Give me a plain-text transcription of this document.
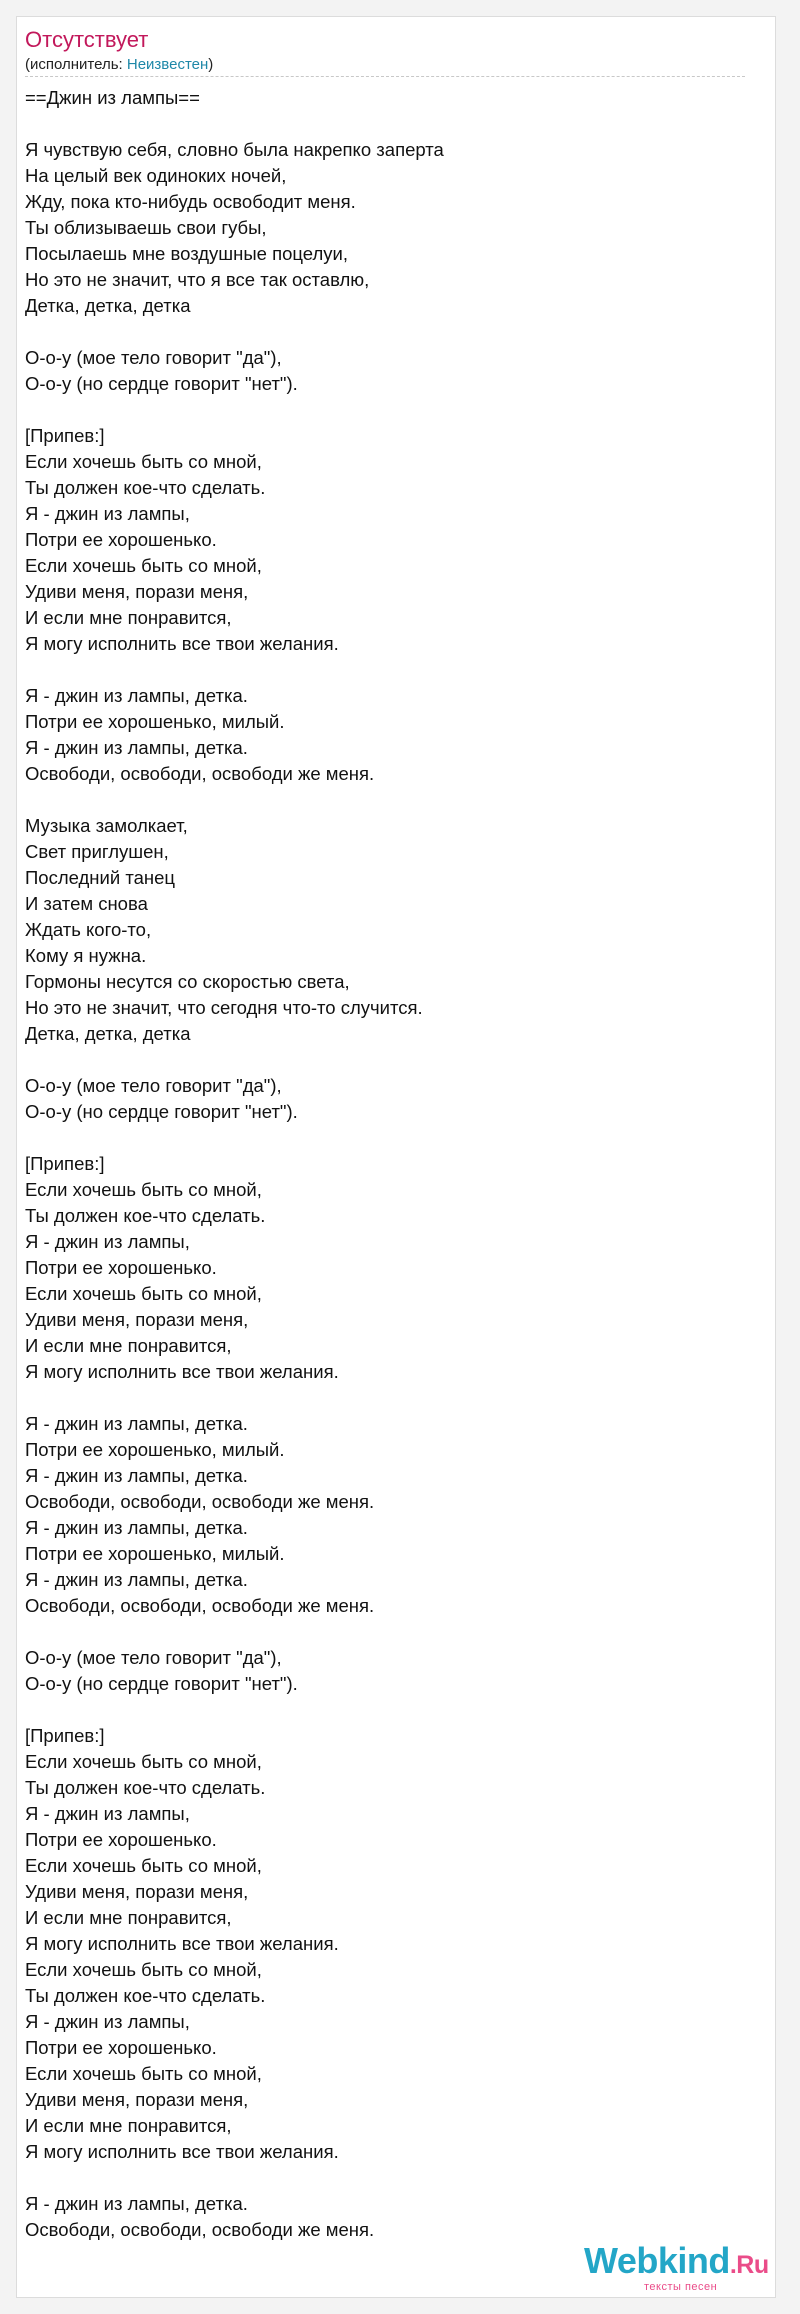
Отсутствует
(исполнитель: Неизвестен)
==Джин из лампы==
Я чувствую себя, словно была накрепко заперта
На целый век одиноких ночей,
Жду, пока кто-нибудь освободит меня.
Ты облизываешь свои губы,
Посылаешь мне воздушные поцелуи,
Но это не значит, что я все так оставлю,
Детка, детка, детка
О-о-у (мое тело говорит "да"),
О-о-у (но сердце говорит "нет").
[Припев:]
Если хочешь быть со мной,
Ты должен кое-что сделать.
Я - джин из лампы,
Потри ее хорошенько.
Если хочешь быть со мной,
Удиви меня, порази меня,
И если мне понравится,
Я могу исполнить все твои желания.
Я - джин из лампы, детка.
Потри ее хорошенько, милый.
Я - джин из лампы, детка.
Освободи, освободи, освободи же меня.
Музыка замолкает,
Свет приглушен,
Последний танец
И затем снова
Ждать кого-то,
Кому я нужна.
Гормоны несутся со скоростью света,
Но это не значит, что сегодня что-то случится.
Детка, детка, детка
О-о-у (мое тело говорит "да"),
О-о-у (но сердце говорит "нет").
[Припев:]
Если хочешь быть со мной,
Ты должен кое-что сделать.
Я - джин из лампы,
Потри ее хорошенько.
Если хочешь быть со мной,
Удиви меня, порази меня,
И если мне понравится,
Я могу исполнить все твои желания.
Я - джин из лампы, детка.
Потри ее хорошенько, милый.
Я - джин из лампы, детка.
Освободи, освободи, освободи же меня.
Я - джин из лампы, детка.
Потри ее хорошенько, милый.
Я - джин из лампы, детка.
Освободи, освободи, освободи же меня.
О-о-у (мое тело говорит "да"),
О-о-у (но сердце говорит "нет").
[Припев:]
Если хочешь быть со мной,
Ты должен кое-что сделать.
Я - джин из лампы,
Потри ее хорошенько.
Если хочешь быть со мной,
Удиви меня, порази меня,
И если мне понравится,
Я могу исполнить все твои желания.
Если хочешь быть со мной,
Ты должен кое-что сделать.
Я - джин из лампы,
Потри ее хорошенько.
Если хочешь быть со мной,
Удиви меня, порази меня,
И если мне понравится,
Я могу исполнить все твои желания.
Я - джин из лампы, детка.
Освободи, освободи, освободи же меня.
Webkind.Ru
тексты песен
